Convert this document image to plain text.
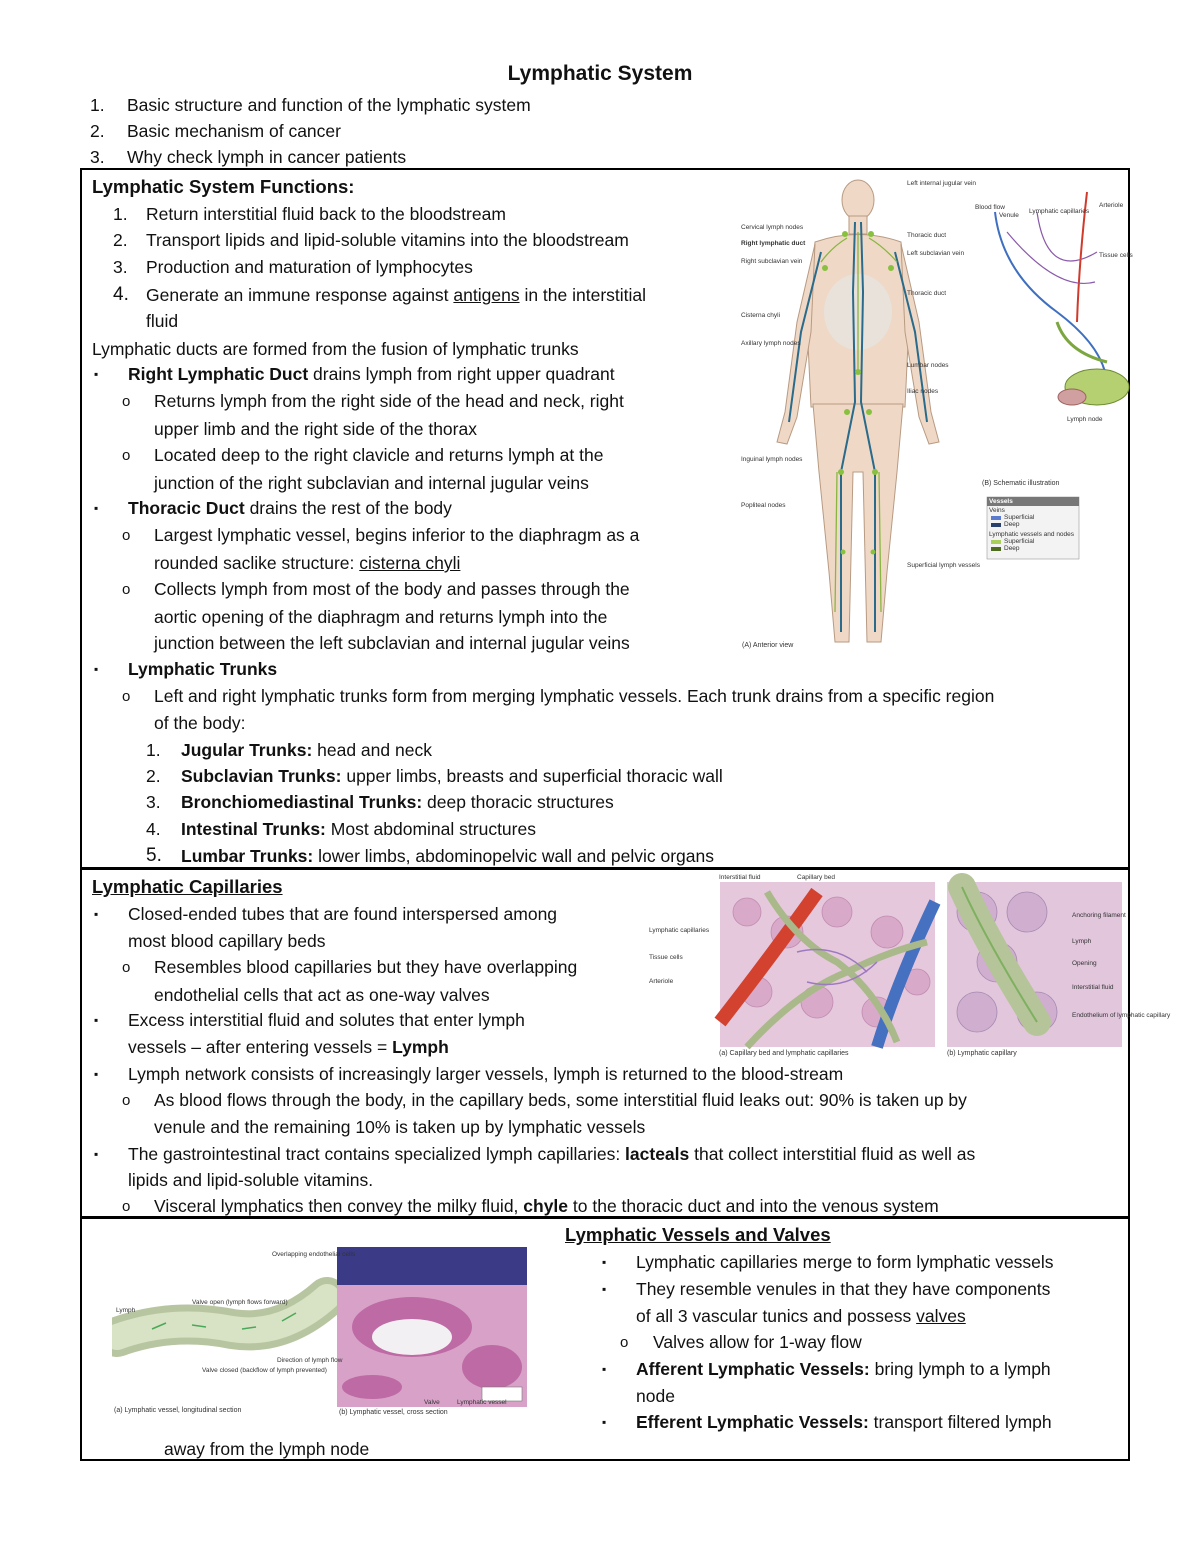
Lymphatic System
1. Basic structure and function of the lymphatic system
2. Basic mechanism of cancer
3. Why check lymph in cancer patients
Lymphatic System Functions:
1. Return interstitial fluid back to the bloodstream
2. Transport lipids and lipid-soluble vitamins into the bloodstream
3. Production and maturation of lymphocytes
4. Generate an immune response against antigens in the interstitial
fluid
Lymphatic ducts are formed from the fusion of lymphatic trunks
▪
Right Lymphatic Duct drains lymph from right upper quadrant
o Returns lymph from the right side of the head and neck, right
upper limb and the right side of the thorax
o Located deep to the right clavicle and returns lymph at the
junction of the right subclavian and internal jugular veins
▪
Thoracic Duct drains the rest of the body
o Largest lymphatic vessel, begins inferior to the diaphragm as a
rounded saclike structure: cisterna chyli
o Collects lymph from most of the body and passes through the
aortic opening of the diaphragm and returns lymph into the
junction between the left subclavian and internal jugular veins
▪
Lymphatic Trunks
o Left and right lymphatic trunks form from merging lymphatic vessels. Each trunk drains from a specific region
of the body:
1. Jugular Trunks: head and neck
2. Subclavian Trunks: upper limbs, breasts and superficial thoracic wall
3. Bronchiomediastinal Trunks: deep thoracic structures
4. Intestinal Trunks: Most abdominal structures
5. Lumbar Trunks: lower limbs, abdominopelvic wall and pelvic organs
(A) Anterior view
(B) Schematic illustration
Vessels
Veins
Superficial
Deep
Lymphatic vessels and nodes
Superficial
Deep
Cervical lymph nodes
Right lymphatic duct
Right subclavian vein
Cisterna chyli
Axillary lymph nodes
Inguinal lymph nodes
Popliteal nodes
Left internal jugular vein
Thoracic duct
Left subclavian vein
Thoracic duct
Lumbar nodes
Iliac nodes
Superficial lymph vessels
Blood flow	Arteriole
Venule
Lymphatic capillaries
Lymph node
Tissue cells
Lymphatic Capillaries
▪
Closed-ended tubes that are found interspersed among
most blood capillary beds
o Resembles blood capillaries but they have overlapping
endothelial cells that act as one-way valves
▪
Excess interstitial fluid and solutes that enter lymph
vessels – after entering vessels = Lymph
▪
Lymph network consists of increasingly larger vessels, lymph is returned to the blood-stream
o As blood flows through the body, in the capillary beds, some interstitial fluid leaks out: 90% is taken up by
venule and the remaining 10% is taken up by lymphatic vessels
▪
The gastrointestinal tract contains specialized lymph capillaries: lacteals that collect interstitial fluid as well as
lipids and lipid-soluble vitamins.
o Visceral lymphatics then convey the milky fluid, chyle to the thoracic duct and into the venous system
(a) Capillary bed and lymphatic capillaries	(b) Lymphatic capillary
Interstitial fluid	Capillary bed
Lymphatic capillaries
Tissue cells
Arteriole
Anchoring filament
Lymph
Opening
Interstitial fluid
Endothelium of lymphatic capillary
Lymphatic Vessels and Valves
▪
Lymphatic capillaries merge to form lymphatic vessels
▪
They resemble venules in that they have components
of all 3 vascular tunics and possess valves
o Valves allow for 1-way flow
▪
Afferent Lymphatic Vessels: bring lymph to a lymph
node
▪
Efferent Lymphatic Vessels: transport filtered lymph
away from the lymph node
(a) Lymphatic vessel, longitudinal section	(b) Lymphatic vessel, cross section
Lymph
Valve open (lymph flows forward)
Overlapping endothelial cells
Valve closed (backflow of lymph prevented)
Direction of lymph flow
Valve	Lymphatic vessel
